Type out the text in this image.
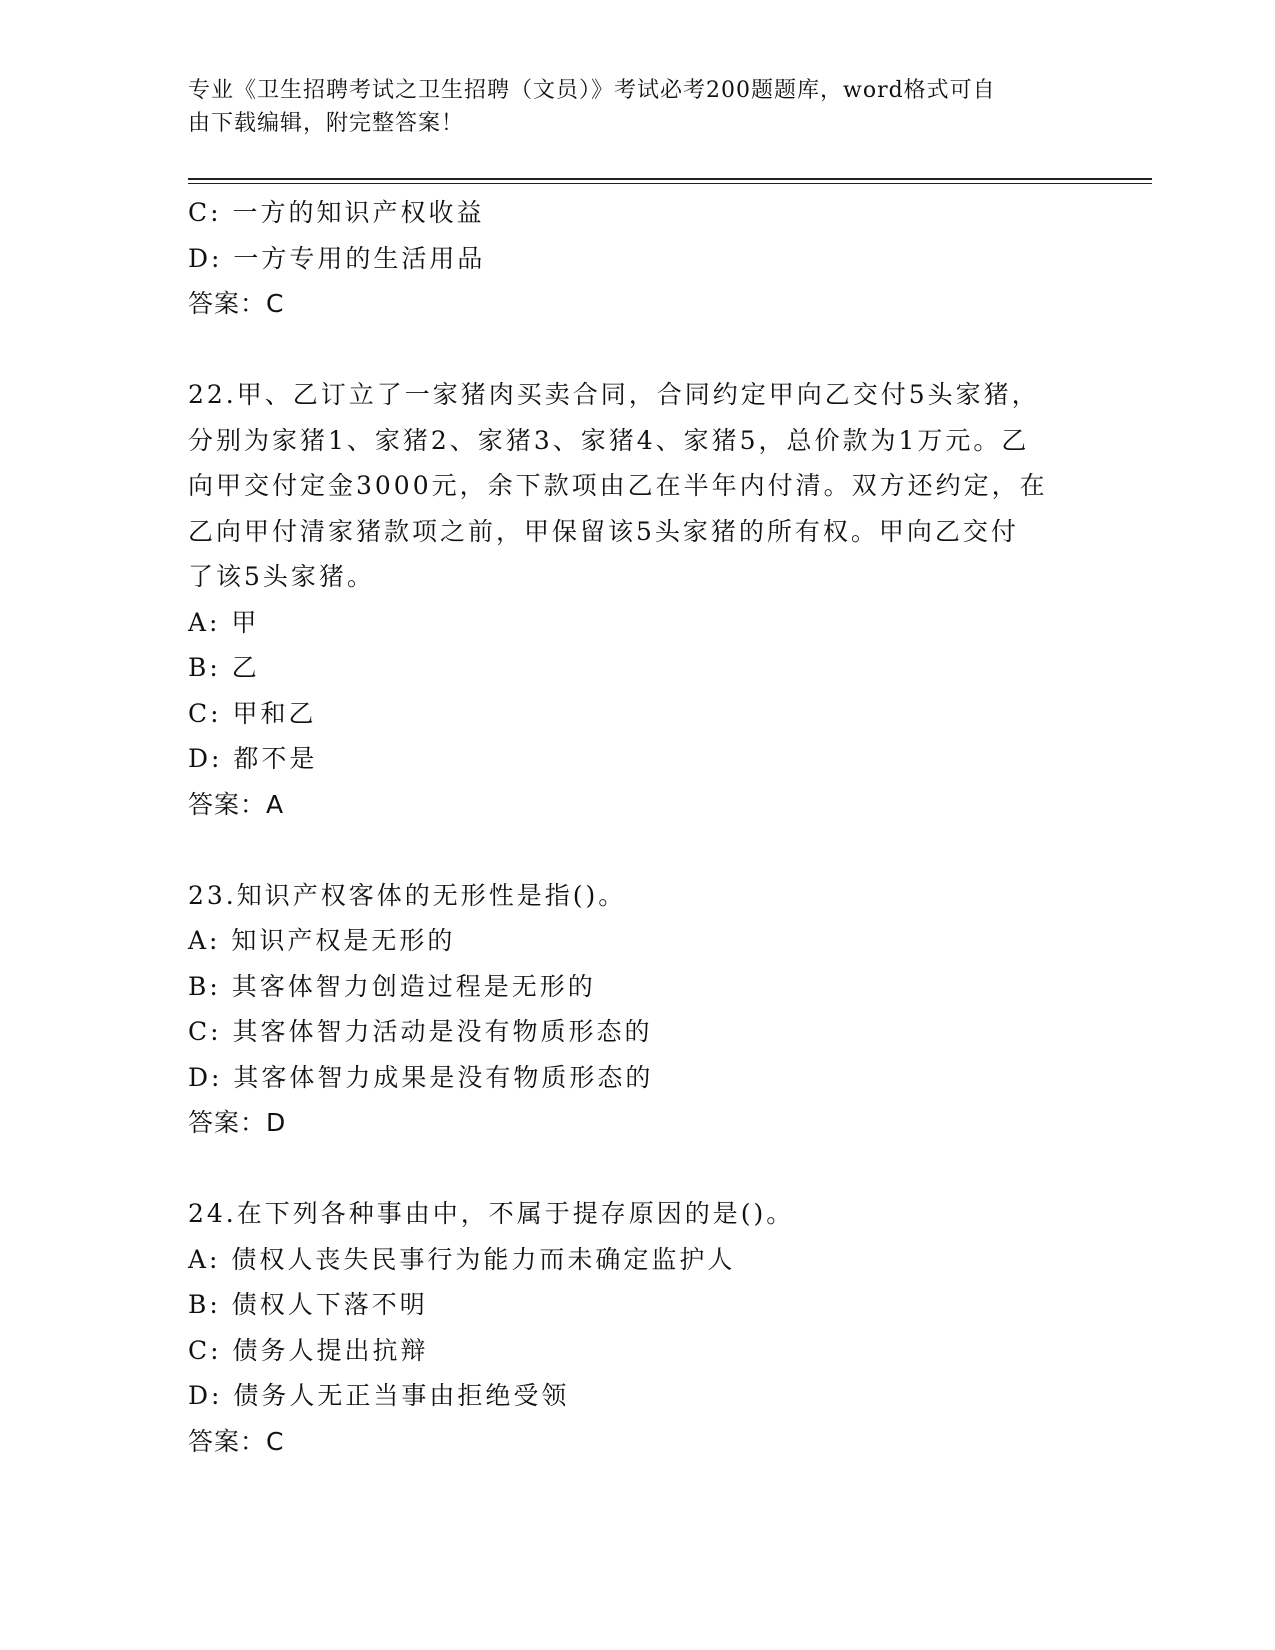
专业《卫生招聘考试之卫生招聘（文员）》考试必考200题题库，word格式可自
由下载编辑，附完整答案！

C: 一方的知识产权收益

D: 一方专用的生活用品

答案：C

22.甲、乙订立了一家猪肉买卖合同，合同约定甲向乙交付5头家猪，

分别为家猪1、家猪2、家猪3、家猪4、家猪5，总价款为1万元。乙

向甲交付定金3000元，余下款项由乙在半年内付清。双方还约定，在

乙向甲付清家猪款项之前，甲保留该5头家猪的所有权。甲向乙交付

了该5头家猪。

A: 甲

B: 乙

C: 甲和乙

D: 都不是

答案：A

23.知识产权客体的无形性是指()。

A: 知识产权是无形的

B: 其客体智力创造过程是无形的

C: 其客体智力活动是没有物质形态的

D: 其客体智力成果是没有物质形态的

答案：D

24.在下列各种事由中，不属于提存原因的是()。

A: 债权人丧失民事行为能力而未确定监护人

B: 债权人下落不明

C: 债务人提出抗辩

D: 债务人无正当事由拒绝受领

答案：C
